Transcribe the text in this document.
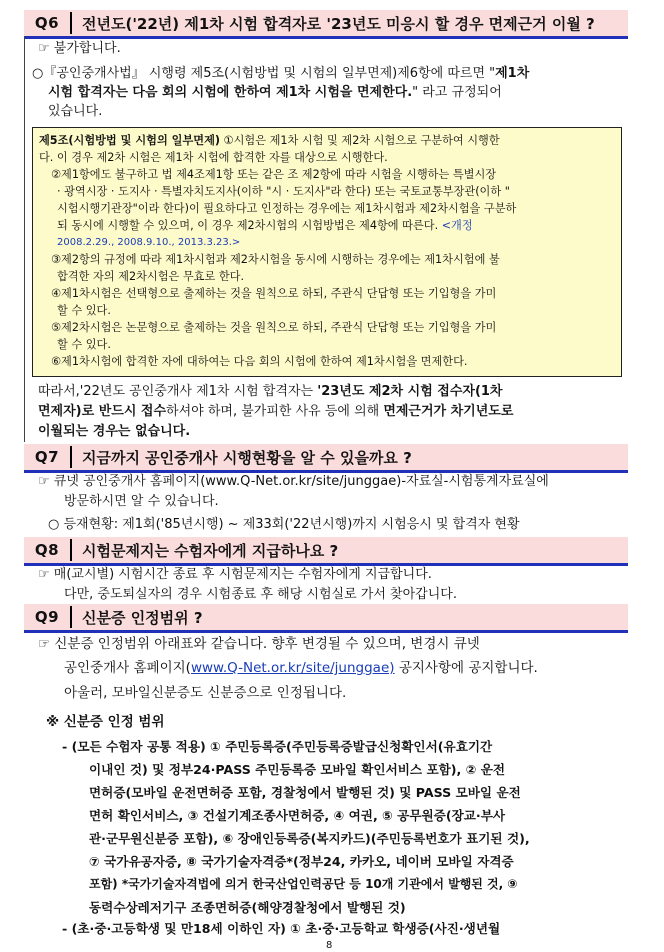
Q6	전년도('22년) 제1차 시험 합격자로 '23년도 미응시 할 경우 면제근거 이월 ?
☞ 불가합니다.
○『공인중개사법』 시행령 제5조(시험방법 및 시험의 일부면제)제6항에 따르면 "제1차
시험 합격자는 다음 회의 시험에 한하여 제1차 시험을 면제한다." 라고 규정되어
있습니다.
제5조(시험방법 및 시험의 일부면제) ①시험은 제1차 시험 및 제2차 시험으로 구분하여 시행한
다. 이 경우 제2차 시험은 제1차 시험에 합격한 자를 대상으로 시행한다.
②제1항에도 불구하고 법 제4조제1항 또는 같은 조 제2항에 따라 시험을 시행하는 특별시장
· 광역시장 · 도지사 · 특별자치도지사(이하 "시 · 도지사"라 한다) 또는 국토교통부장관(이하 "
시험시행기관장"이라 한다)이 필요하다고 인정하는 경우에는 제1차시험과 제2차시험을 구분하
되 동시에 시행할 수 있으며, 이 경우 제2차시험의 시험방법은 제4항에 따른다. <개정
2008.2.29., 2008.9.10., 2013.3.23.>
③제2항의 규정에 따라 제1차시험과 제2차시험을 동시에 시행하는 경우에는 제1차시험에 불
합격한 자의 제2차시험은 무효로 한다.
④제1차시험은 선택형으로 출제하는 것을 원칙으로 하되, 주관식 단답형 또는 기입형을 가미
할 수 있다.
⑤제2차시험은 논문형으로 출제하는 것을 원칙으로 하되, 주관식 단답형 또는 기입형을 가미
할 수 있다.
⑥제1차시험에 합격한 자에 대하여는 다음 회의 시험에 한하여 제1차시험을 면제한다.
따라서,'22년도 공인중개사 제1차 시험 합격자는 '23년도 제2차 시험 접수자(1차
면제자)로 반드시 접수하셔야 하며, 불가피한 사유 등에 의해 면제근거가 차기년도로
이월되는 경우는 없습니다.
Q7	지금까지 공인중개사 시행현황을 알 수 있을까요 ?
☞ 큐넷 공인중개사 홈페이지(www.Q-Net.or.kr/site/junggae)-자료실-시험통계자료실에
방문하시면 알 수 있습니다.
○ 등재현황: 제1회('85년시행) ~ 제33회('22년시행)까지 시험응시 및 합격자 현황
Q8	시험문제지는 수험자에게 지급하나요 ?
☞ 매(교시별) 시험시간 종료 후 시험문제지는 수험자에게 지급합니다.
다만, 중도퇴실자의 경우 시험종료 후 해당 시험실로 가서 찾아갑니다.
Q9	신분증 인정범위 ?
☞ 신분증 인정범위 아래표와 같습니다. 향후 변경될 수 있으며, 변경시 큐넷
공인중개사 홈페이지(www.Q-Net.or.kr/site/junggae) 공지사항에 공지합니다.
아울러, 모바일신분증도 신분증으로 인정됩니다.
※ 신분증 인정 범위
- (모든 수험자 공통 적용) ① 주민등록증(주민등록증발급신청확인서(유효기간
이내인 것) 및 정부24·PASS 주민등록증 모바일 확인서비스 포함), ② 운전
면허증(모바일 운전면허증 포함, 경찰청에서 발행된 것) 및 PASS 모바일 운전
면허 확인서비스, ③ 건설기계조종사면허증, ④ 여권, ⑤ 공무원증(장교·부사
관·군무원신분증 포함), ⑥ 장애인등록증(복지카드)(주민등록번호가 표기된 것),
⑦ 국가유공자증, ⑧ 국가기술자격증*(정부24, 카카오, 네이버 모바일 자격증
포함) *국가기술자격법에 의거 한국산업인력공단 등 10개 기관에서 발행된 것, ⑨
동력수상레저기구 조종면허증(해양경찰청에서 발행된 것)
- (초·중·고등학생 및 만18세 이하인 자) ① 초·중·고등학교 학생증(사진·생년월
8
